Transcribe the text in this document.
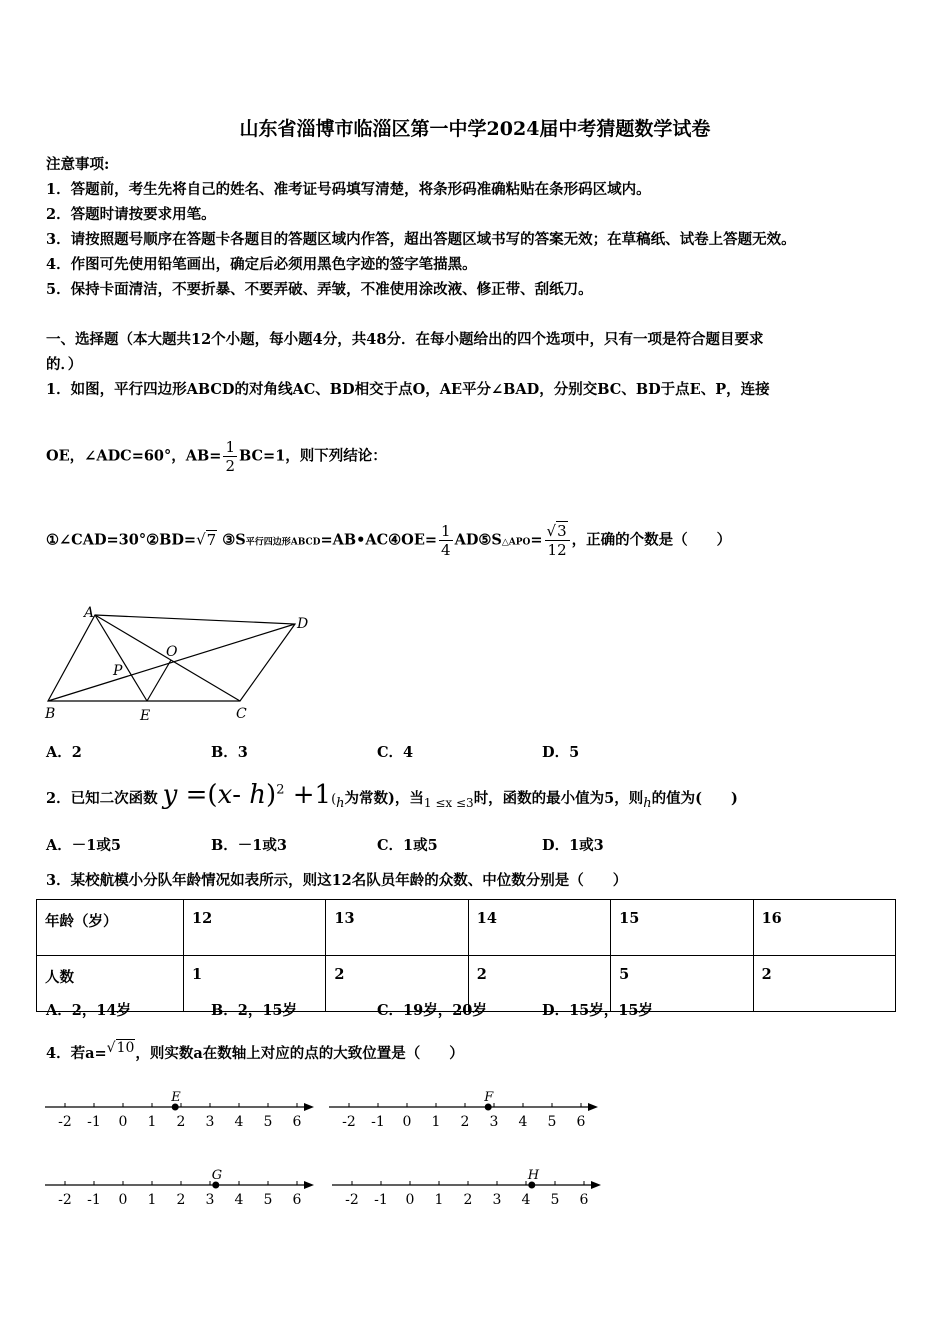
山东省淄博市临淄区第一中学2024届中考猜题数学试卷
注意事项:
1．答题前，考生先将自己的姓名、准考证号码填写清楚，将条形码准确粘贴在条形码区域内。
2．答题时请按要求用笔。
3．请按照题号顺序在答题卡各题目的答题区域内作答，超出答题区域书写的答案无效；在草稿纸、试卷上答题无效。
4．作图可先使用铅笔画出，确定后必须用黑色字迹的签字笔描黑。
5．保持卡面清洁，不要折暴、不要弄破、弄皱，不准使用涂改液、修正带、刮纸刀。
一、选择题（本大题共12个小题，每小题4分，共48分．在每小题给出的四个选项中，只有一项是符合题目要求
的．）
1．如图，平行四边形ABCD的对角线AC、BD相交于点O，AE平分∠BAD，分别交BC、BD于点E、P，连接
OE，∠ADC=60°，$AB= \frac{1}{2} BC=1$，则下列结论：
①∠CAD=30°②BD=√7 ③S平行四边形ABCD=AB•AC④OE= $\frac{1}{4}$ AD⑤S△APO= $\frac{√3}{12}$ ，正确的个数是（　　）
A
D
B	E	C
O
P
A．2	B．3	C．4	D．5
2．已知二次函数 y =(x- $h)^2 +1(_h$为常数)，当$_{1 \le x \le 3}$时，函数的最小值为5，则$_h$的值为(　　)
A．－1或5	B．－1或3	C．1或5	D．1或3
3．某校航模小分队年龄情况如表所示，则这12名队员年龄的众数、中位数分别是（　　）
年龄（岁）	12	13	14	15	16
人数	1	2	2	5	2
A．2，14岁	B．2，15岁	C．19岁，20岁	D．15岁，15岁
4．若a=$^{√10}$，则实数a在数轴上对应的点的大致位置是（　　）
-2 -1 0 1 2 3 4 5 6
E
-2 -1 0 1 2 3 4 5 6
F
-2 -1 0 1 2 3 4 5 6
G
-2 -1 0 1 2 3 4 5 6
H
